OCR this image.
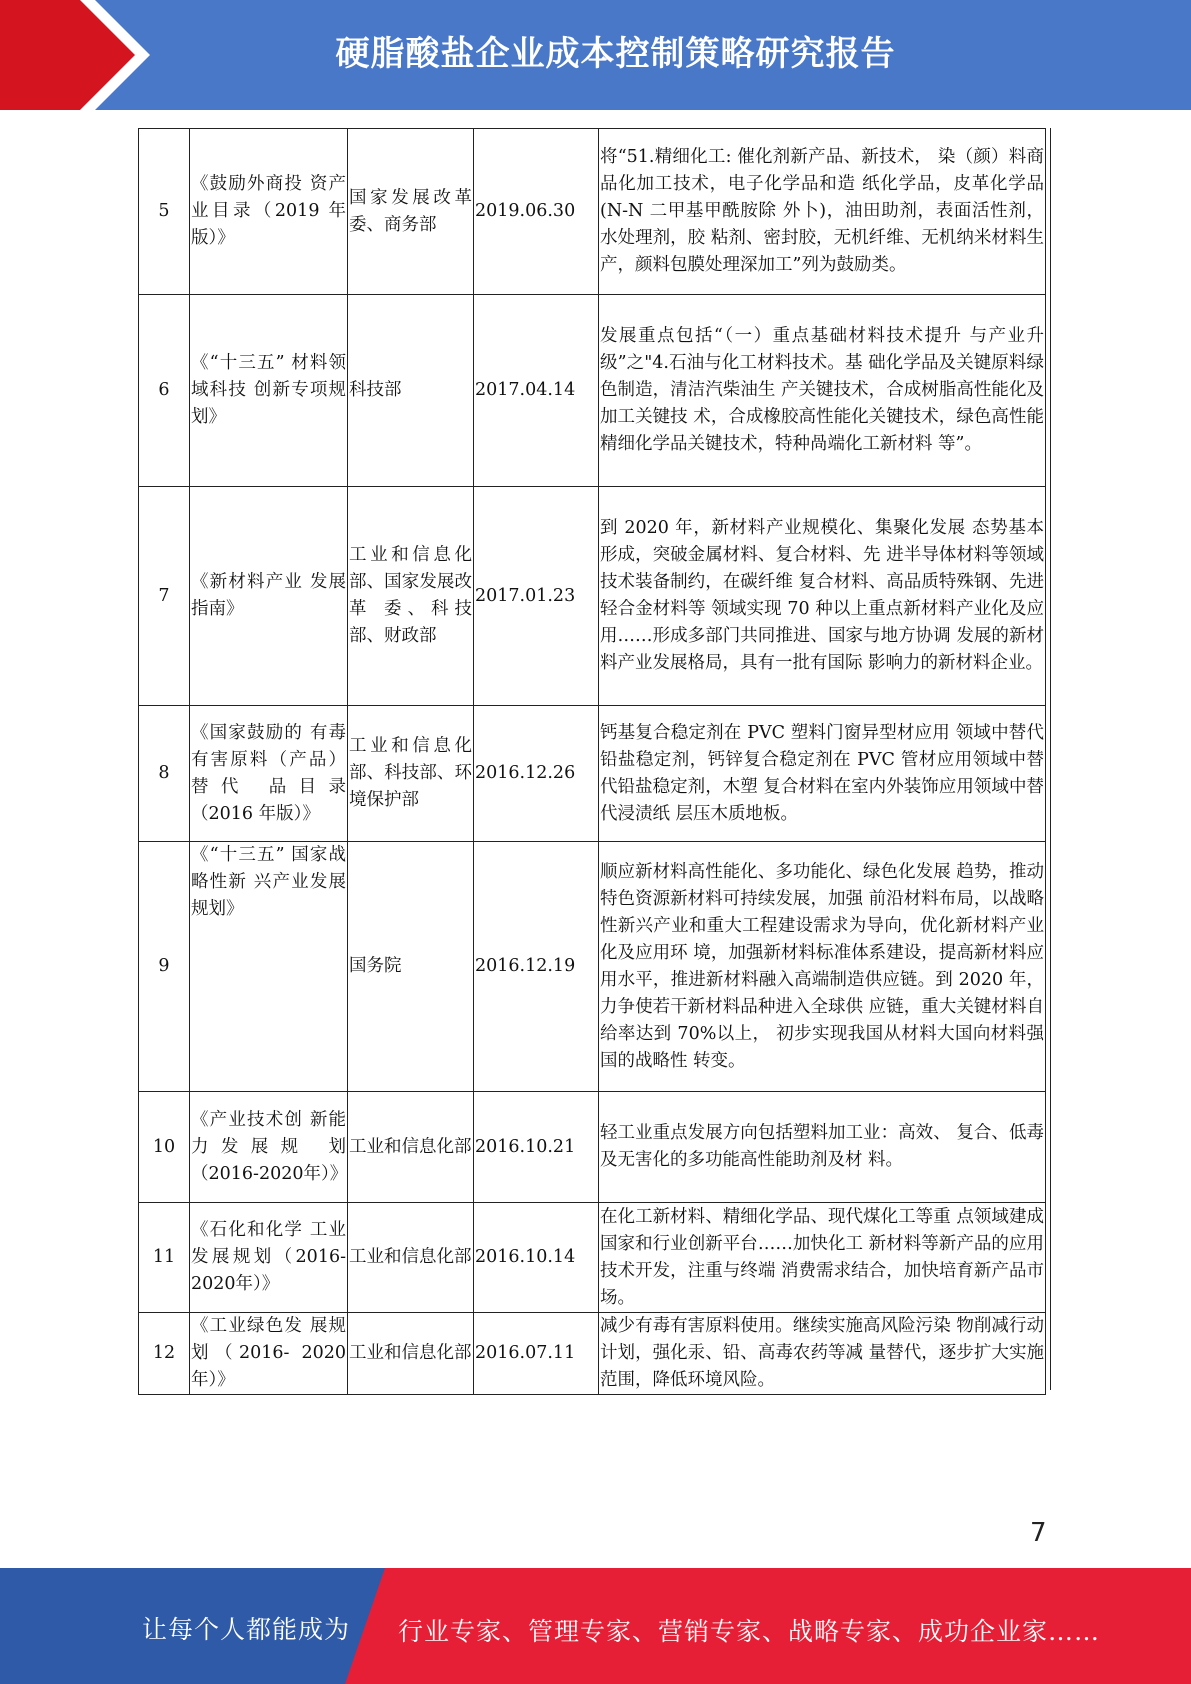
硬脂酸盐企业成本控制策略研究报告
5	《鼓励外商投 资产业目录（2019 年版）》	国家发展改革委、商务部	2019.06.30	将“51.精细化工: 催化剂新产品、新技术， 染（颜）料商品化加工技术，电子化学品和造 纸化学品，皮革化学品(N-N 二甲基甲酰胺除 外卜)，油田助剂，表面活性剂，水处理剂，胶 粘剂、密封胶，无机纤维、无机纳米材料生 产，颜料包膜处理深加工”列为鼓励类。
6	《“十三五” 材料领域科技 创新专项规 划》	科技部	2017.04.14	发展重点包括“（一）重点基础材料技术提升 与产业升级”之"4.石油与化工材料技术。基 础化学品及关键原料绿色制造，清洁汽柴油生 产关键技术，合成树脂高性能化及加工关键技 术，合成橡胶高性能化关键技术，绿色高性能 精细化学品关键技术，特种咼端化工新材料 等”。
7	《新材料产业 发展指南》	工业和信息化部、国家发展改革 委、科技 部、财政部	2017.01.23	到 2020 年，新材料产业规模化、集聚化发展 态势基本形成，突破金属材料、复合材料、先 进半导体材料等领域技术装备制约，在碳纤维 复合材料、高品质特殊钢、先进轻合金材料等 领域实现 70 种以上重点新材料产业化及应 用……形成多部门共同推进、国家与地方协调 发展的新材料产业发展格局，具有一批有国际 影响力的新材料企业。
8	《国家鼓励的 有毒有害原料（产品）替代 品目录（2016 年版）》	工业和信息化部、科技部、环境保护部	2016.12.26	钙基复合稳定剂在 PVC 塑料门窗异型材应用 领域中替代铅盐稳定剂，钙锌复合稳定剂在 PVC 管材应用领域中替代铅盐稳定剂，木塑 复合材料在室内外装饰应用领域中替代浸渍纸 层压木质地板。
9	《“十三五” 国家战略性新 兴产业发展规划》	国务院	2016.12.19	顺应新材料高性能化、多功能化、绿色化发展 趋势，推动特色资源新材料可持续发展，加强 前沿材料布局，以战略性新兴产业和重大工程建设需求为导向，优化新材料产业化及应用环 境，加强新材料标准体系建设，提高新材料应 用水平，推进新材料融入高端制造供应链。到 2020 年，力争使若干新材料品种进入全球供 应链，重大关键材料自给率达到 70%以上， 初步实现我国从材料大国向材料强国的战略性 转变。
10	《产业技术创 新能力发展规 划（2016-2020年）》	工业和信息化部	2016.10.21	轻工业重点发展方向包括塑料加工业：高效、 复合、低毒及无害化的多功能高性能助剂及材 料。
11	《石化和化学 工业发展规划（2016-2020年）》	工业和信息化部	2016.10.14	在化工新材料、精细化学品、现代煤化工等重 点领域建成国家和行业创新平台……加快化工 新材料等新产品的应用技术开发，注重与终端 消费需求结合，加快培育新产品市场。
12	《工业绿色发 展规划（2016- 2020年）》	工业和信息化部	2016.07.11	减少有毒有害原料使用。继续实施高风险污染 物削减行动计划，强化汞、铅、高毒农药等减 量替代，逐步扩大实施范围，降低环境风险。
7
让每个人都能成为 行业专家、管理专家、营销专家、战略专家、成功企业家……
